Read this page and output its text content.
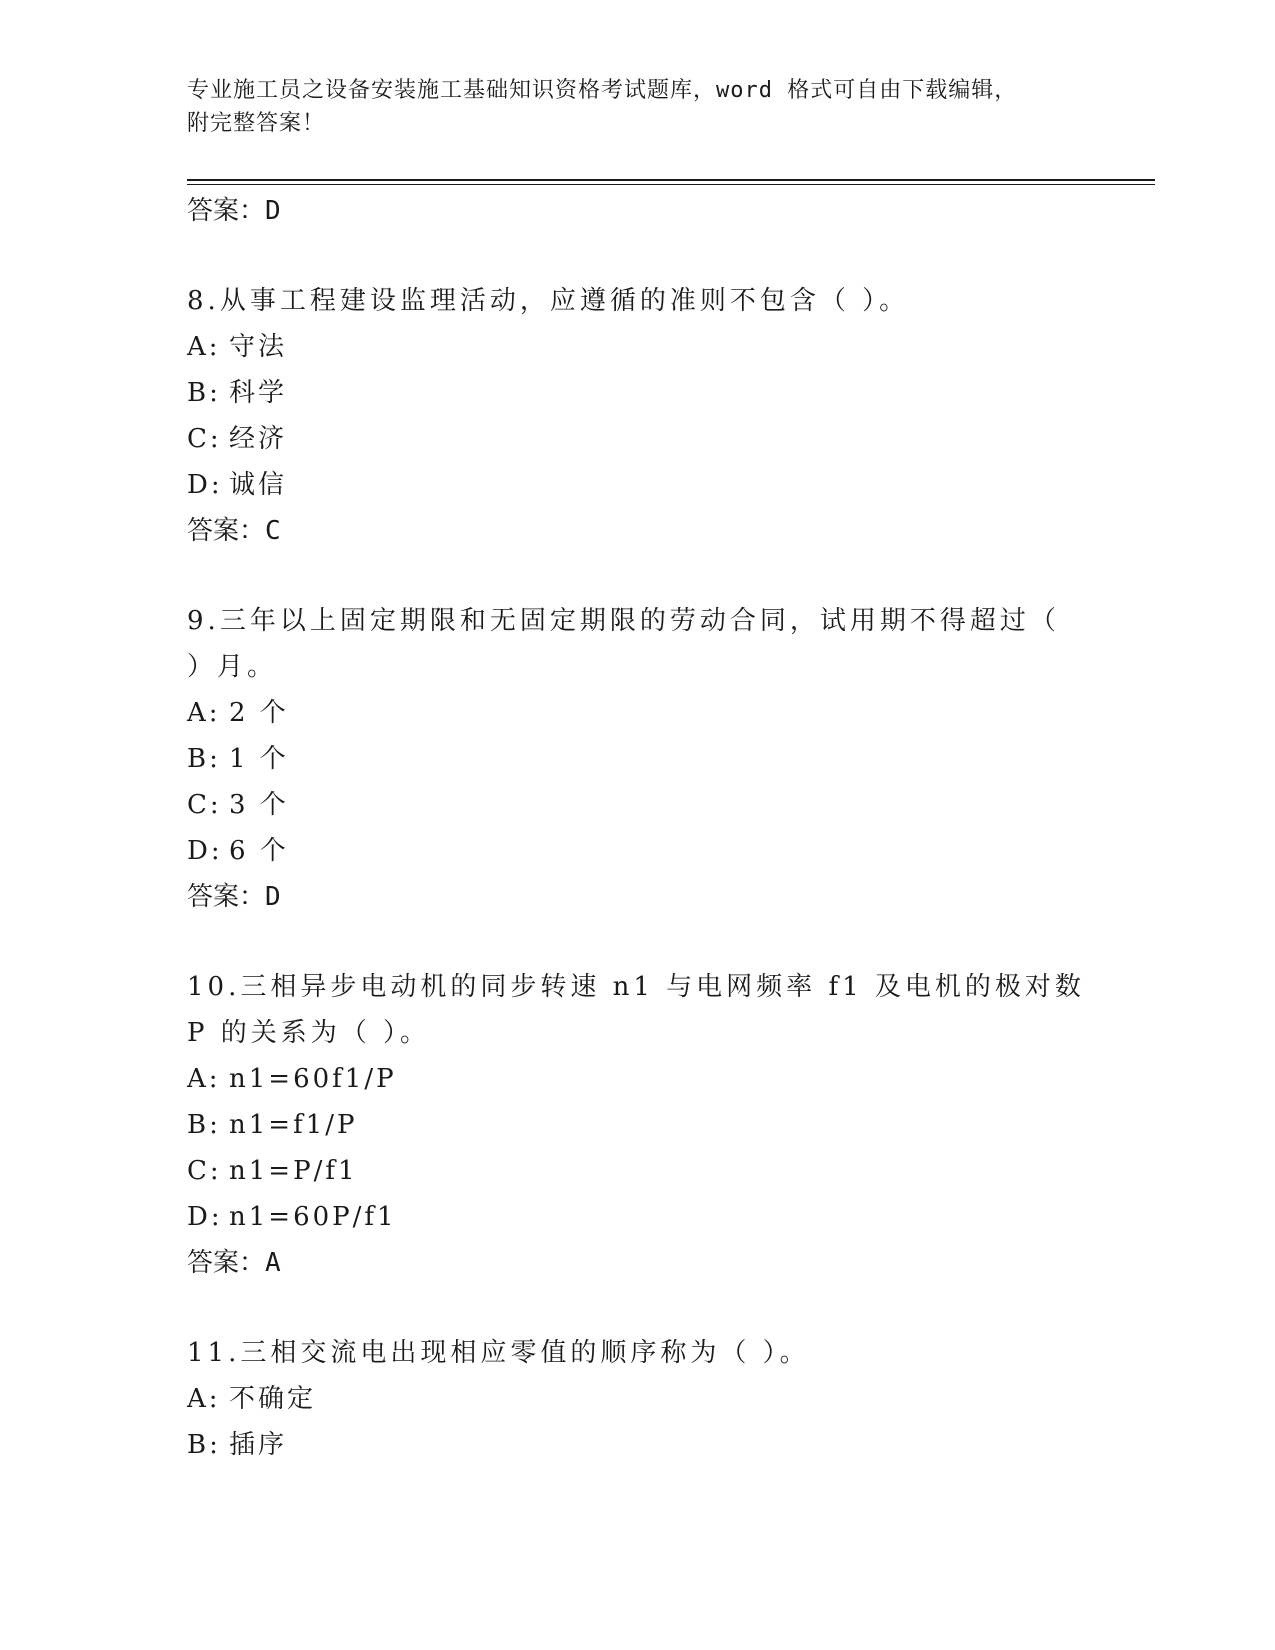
专业施工员之设备安装施工基础知识资格考试题库，word 格式可自由下载编辑，
附完整答案！
答案：D
8.从事工程建设监理活动，应遵循的准则不包含（ ）。
A: 守法
B: 科学
C: 经济
D: 诚信
答案：C
9.三年以上固定期限和无固定期限的劳动合同，试用期不得超过（ ）月。
A: 2 个
B: 1 个
C: 3 个
D: 6 个
答案：D
10.三相异步电动机的同步转速 n1 与电网频率 f1 及电机的极对数 P 的关系为（ ）。
A: n1=60f1/P
B: n1=f1/P
C: n1=P/f1
D: n1=60P/f1
答案：A
11.三相交流电出现相应零值的顺序称为（ ）。
A: 不确定
B: 插序
